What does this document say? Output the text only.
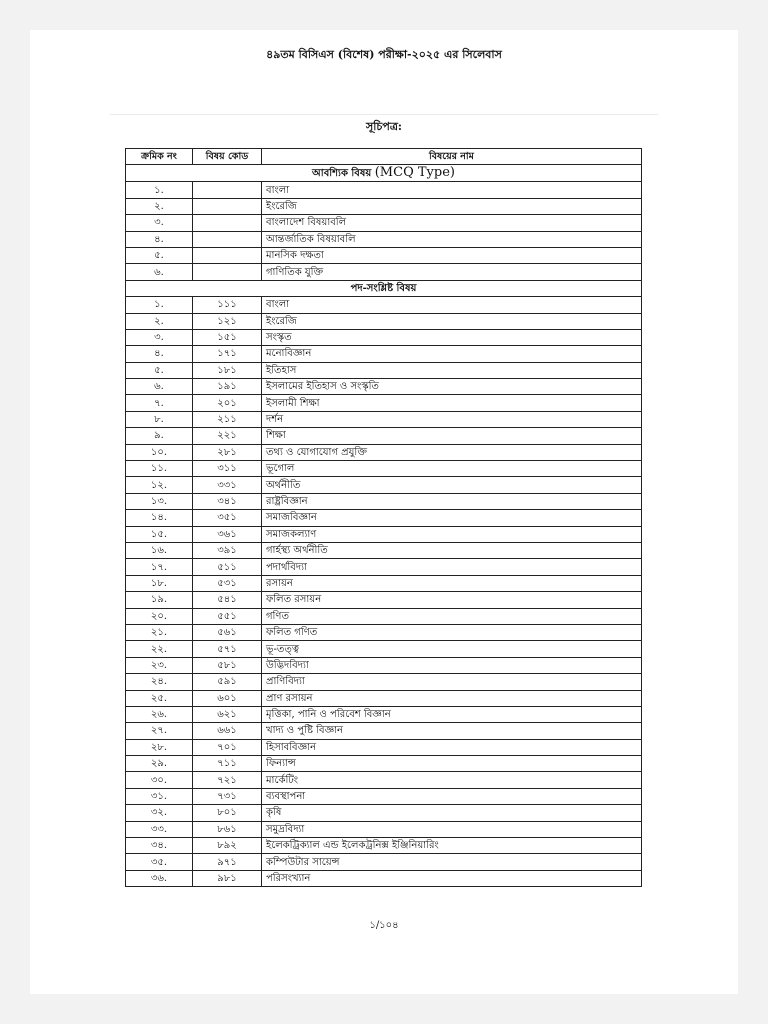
৪৯তম বিসিএস (বিশেষ) পরীক্ষা-২০২৫ এর সিলেবাস
সূচিপত্র:
ক্রমিক নং	বিষয় কোড	বিষয়ের নাম
আবশ্যিক বিষয় (MCQ Type)		
১.		বাংলা
২.		ইংরেজি
৩.		বাংলাদেশ বিষয়াবলি
৪.		আন্তর্জাতিক বিষয়াবলি
৫.		মানসিক দক্ষতা
৬.		গাণিতিক যুক্তি
পদ-সংশ্লিষ্ট বিষয়		
১.	১১১	বাংলা
২.	১২১	ইংরেজি
৩.	১৫১	সংস্কৃত
৪.	১৭১	মনোবিজ্ঞান
৫.	১৮১	ইতিহাস
৬.	১৯১	ইসলামের ইতিহাস ও সংস্কৃতি
৭.	২০১	ইসলামী শিক্ষা
৮.	২১১	দর্শন
৯.	২২১	শিক্ষা
১০.	২৮১	তথ্য ও যোগাযোগ প্রযুক্তি
১১.	৩১১	ভূগোল
১২.	৩৩১	অর্থনীতি
১৩.	৩৪১	রাষ্ট্রবিজ্ঞান
১৪.	৩৫১	সমাজবিজ্ঞান
১৫.	৩৬১	সমাজকল্যাণ
১৬.	৩৯১	গার্হস্থ্য অর্থনীতি
১৭.	৫১১	পদার্থবিদ্যা
১৮.	৫৩১	রসায়ন
১৯.	৫৪১	ফলিত রসায়ন
২০.	৫৫১	গণিত
২১.	৫৬১	ফলিত গণিত
২২.	৫৭১	ভূ-তত্ত্ব
২৩.	৫৮১	উদ্ভিদবিদ্যা
২৪.	৫৯১	প্রাণিবিদ্যা
২৫.	৬০১	প্রাণ রসায়ন
২৬.	৬২১	মৃত্তিকা, পানি ও পরিবেশ বিজ্ঞান
২৭.	৬৬১	খাদ্য ও পুষ্টি বিজ্ঞান
২৮.	৭০১	হিসাববিজ্ঞান
২৯.	৭১১	ফিন্যান্স
৩০.	৭২১	মার্কেটিং
৩১.	৭৩১	ব্যবস্থাপনা
৩২.	৮০১	কৃষি
৩৩.	৮৬১	সমুদ্রবিদ্যা
৩৪.	৮৯২	ইলেকট্রিক্যাল এন্ড ইলেকট্রনিক্স ইঞ্জিনিয়ারিং
৩৫.	৯৭১	কম্পিউটার সায়েন্স
৩৬.	৯৮১	পরিসংখ্যান
১/১০৪
